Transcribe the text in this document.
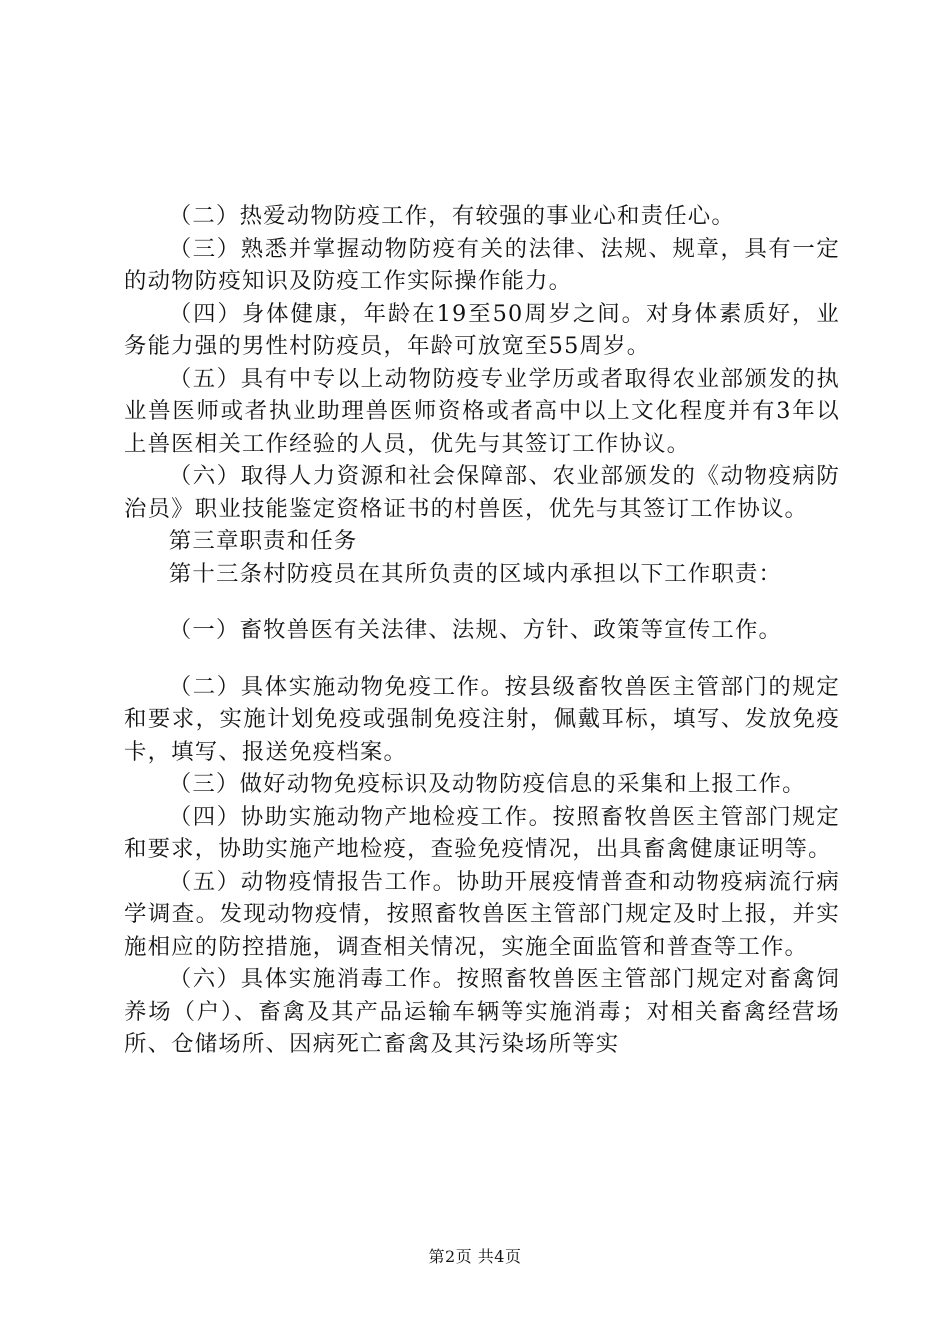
（二）热爱动物防疫工作，有较强的事业心和责任心。

（三）熟悉并掌握动物防疫有关的法律、法规、规章，具有一定的动物防疫知识及防疫工作实际操作能力。

（四）身体健康，年龄在19至50周岁之间。对身体素质好，业务能力强的男性村防疫员，年龄可放宽至55周岁。

（五）具有中专以上动物防疫专业学历或者取得农业部颁发的执业兽医师或者执业助理兽医师资格或者高中以上文化程度并有3年以上兽医相关工作经验的人员，优先与其签订工作协议。

（六）取得人力资源和社会保障部、农业部颁发的《动物疫病防治员》职业技能鉴定资格证书的村兽医，优先与其签订工作协议。

第三章职责和任务

第十三条村防疫员在其所负责的区域内承担以下工作职责：

（一）畜牧兽医有关法律、法规、方针、政策等宣传工作。

（二）具体实施动物免疫工作。按县级畜牧兽医主管部门的规定和要求，实施计划免疫或强制免疫注射，佩戴耳标，填写、发放免疫卡，填写、报送免疫档案。

（三）做好动物免疫标识及动物防疫信息的采集和上报工作。

（四）协助实施动物产地检疫工作。按照畜牧兽医主管部门规定和要求，协助实施产地检疫，查验免疫情况，出具畜禽健康证明等。

（五）动物疫情报告工作。协助开展疫情普查和动物疫病流行病学调查。发现动物疫情，按照畜牧兽医主管部门规定及时上报，并实施相应的防控措施，调查相关情况，实施全面监管和普查等工作。

（六）具体实施消毒工作。按照畜牧兽医主管部门规定对畜禽饲养场（户）、畜禽及其产品运输车辆等实施消毒；对相关畜禽经营场所、仓储场所、因病死亡畜禽及其污染场所等实

第2页 共4页
